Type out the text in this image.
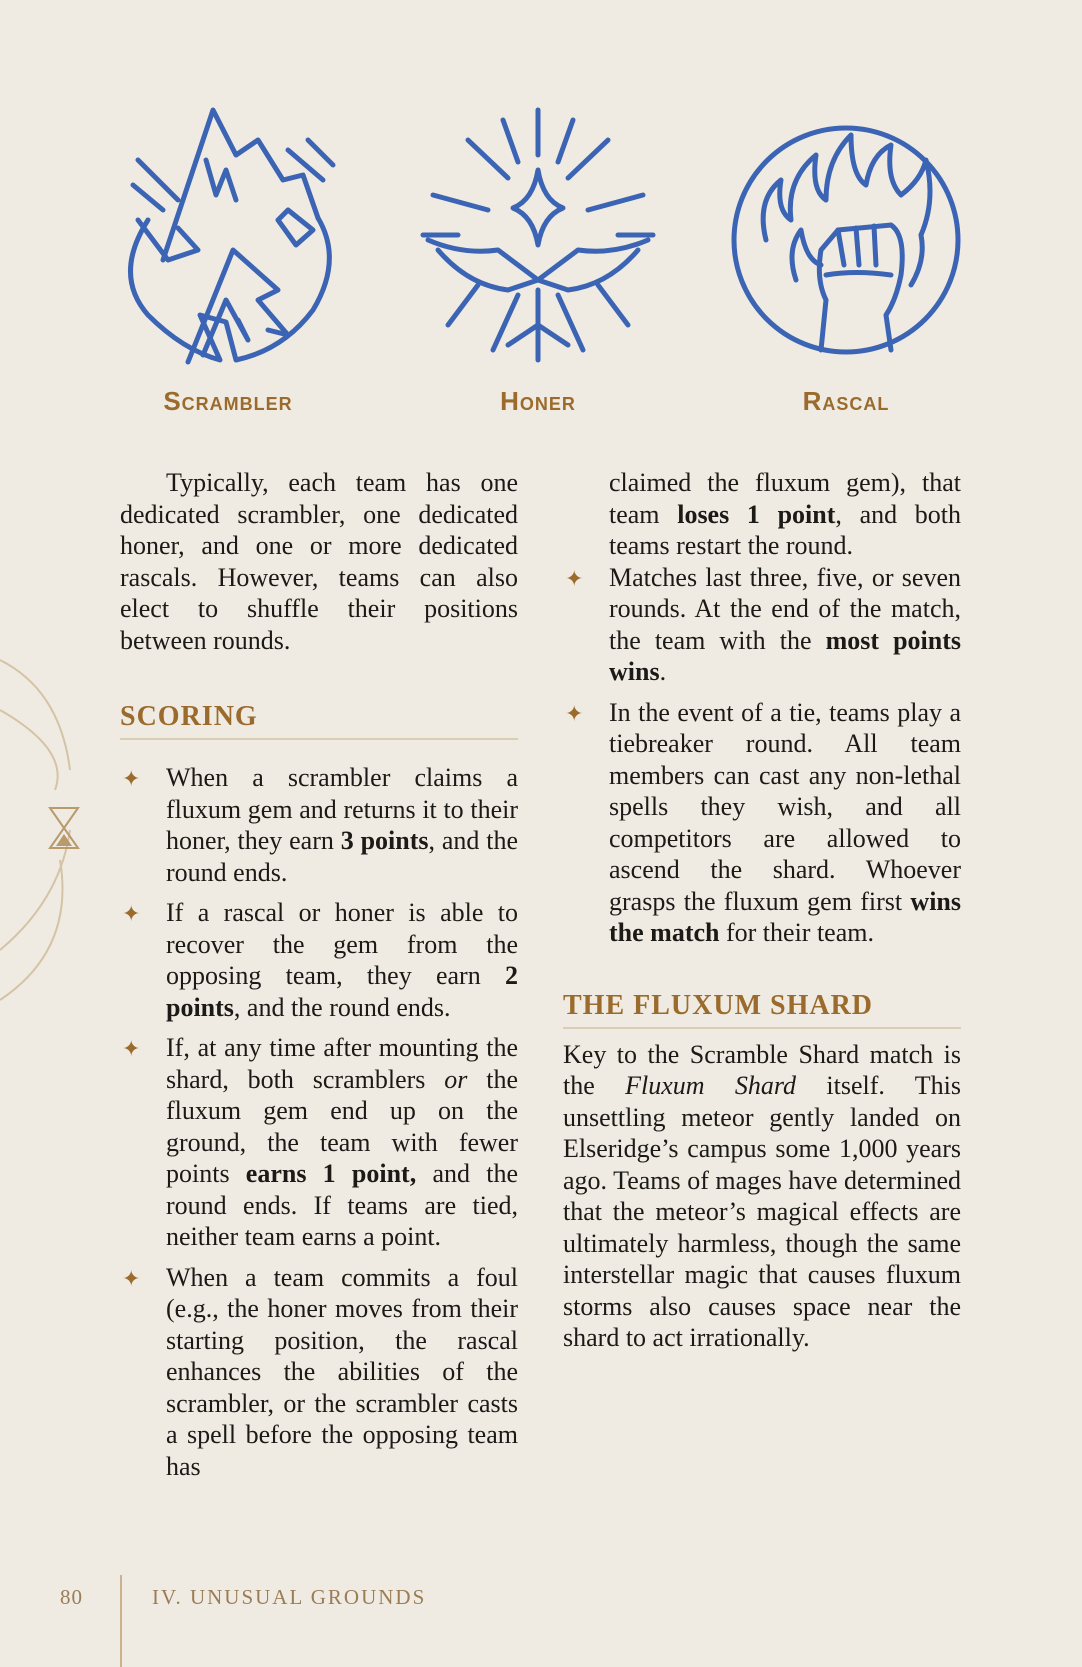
Scrambler	Honer	Rascal

Typically, each team has one dedicated scrambler, one dedicated honer, and one or more dedicated rascals. However, teams can also elect to shuffle their positions between rounds.

SCORING
✦ When a scrambler claims a fluxum gem and returns it to their honer, they earn 3 points, and the round ends.
✦ If a rascal or honer is able to recover the gem from the opposing team, they earn 2 points, and the round ends.
✦ If, at any time after mounting the shard, both scramblers or the fluxum gem end up on the ground, the team with fewer points earns 1 point, and the round ends. If teams are tied, neither team earns a point.
✦ When a team commits a foul (e.g., the honer moves from their starting position, the rascal enhances the abilities of the scrambler, or the scrambler casts a spell before the opposing team has

claimed the fluxum gem), that team loses 1 point, and both teams restart the round.

✦ Matches last three, five, or seven rounds. At the end of the match, the team with the most points wins.
✦ In the event of a tie, teams play a tiebreaker round. All team members can cast any non-lethal spells they wish, and all competitors are allowed to ascend the shard. Whoever grasps the fluxum gem first wins the match for their team.
THE FLUXUM SHARD

Key to the Scramble Shard match is the Fluxum Shard itself. This unsettling meteor gently landed on Elseridge’s campus some 1,000 years ago. Teams of mages have determined that the meteor’s magical effects are ultimately harmless, though the same interstellar magic that causes fluxum storms also causes space near the shard to act irrationally.

80	IV. UNUSUAL GROUNDS
